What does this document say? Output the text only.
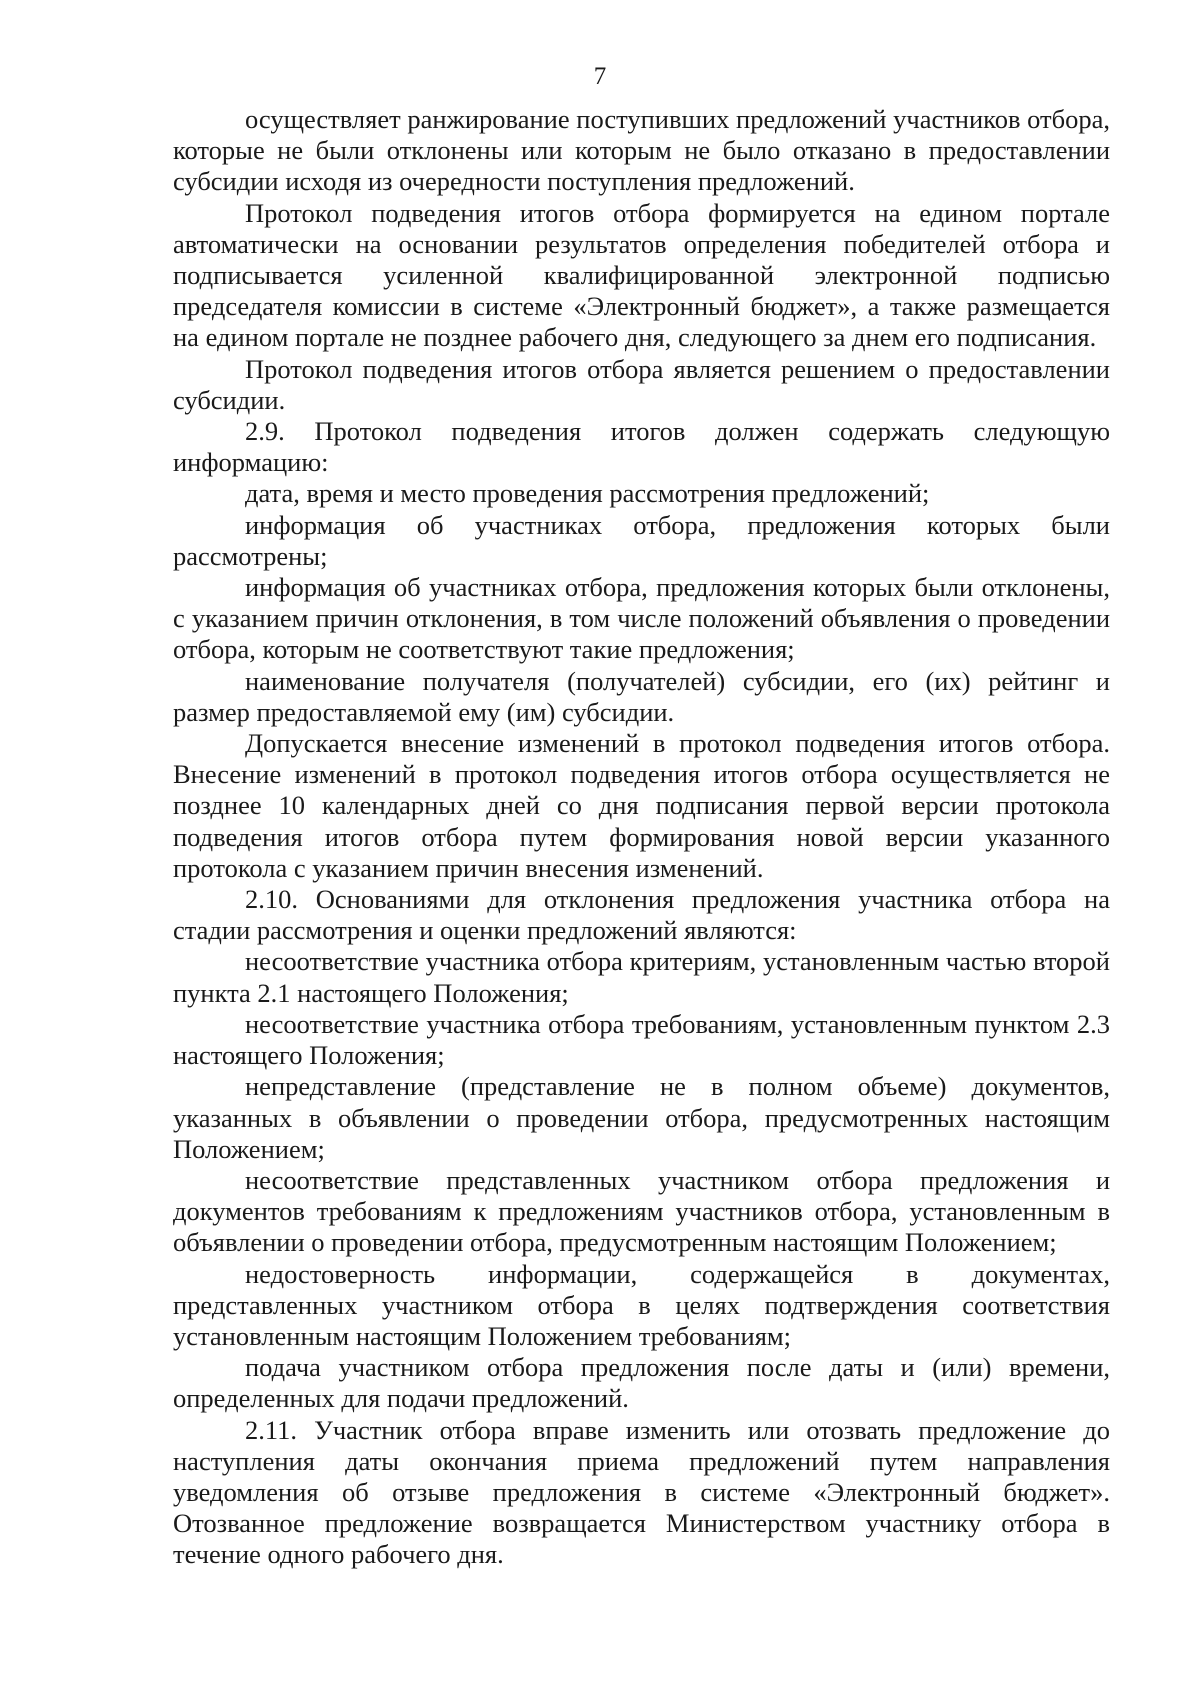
7

осуществляет ранжирование поступивших предложений участников отбора, которые не были отклонены или которым не было отказано в предоставлении субсидии исходя из очередности поступления предложений.

Протокол подведения итогов отбора формируется на едином портале автоматически на основании результатов определения победителей отбора и подписывается усиленной квалифицированной электронной подписью председателя комиссии в системе «Электронный бюджет», а также размещается на едином портале не позднее рабочего дня, следующего за днем его подписания.

Протокол подведения итогов отбора является решением о предоставлении субсидии.

2.9. Протокол подведения итогов должен содержать следующую информацию:

дата, время и место проведения рассмотрения предложений;

информация об участниках отбора, предложения которых были рассмотрены;

информация об участниках отбора, предложения которых были отклонены, с указанием причин отклонения, в том числе положений объявления о проведении отбора, которым не соответствуют такие предложения;

наименование получателя (получателей) субсидии, его (их) рейтинг и размер предоставляемой ему (им) субсидии.

Допускается внесение изменений в протокол подведения итогов отбора. Внесение изменений в протокол подведения итогов отбора осуществляется не позднее 10 календарных дней со дня подписания первой версии протокола подведения итогов отбора путем формирования новой версии указанного протокола с указанием причин внесения изменений.

2.10. Основаниями для отклонения предложения участника отбора на стадии рассмотрения и оценки предложений являются:

несоответствие участника отбора критериям, установленным частью второй пункта 2.1 настоящего Положения;

несоответствие участника отбора требованиям, установленным пунктом 2.3 настоящего Положения;

непредставление (представление не в полном объеме) документов, указанных в объявлении о проведении отбора, предусмотренных настоящим Положением;

несоответствие представленных участником отбора предложения и документов требованиям к предложениям участников отбора, установленным в объявлении о проведении отбора, предусмотренным настоящим Положением;

недостоверность информации, содержащейся в документах, представленных участником отбора в целях подтверждения соответствия установленным настоящим Положением требованиям;

подача участником отбора предложения после даты и (или) времени, определенных для подачи предложений.

2.11. Участник отбора вправе изменить или отозвать предложение до наступления даты окончания приема предложений путем направления уведомления об отзыве предложения в системе «Электронный бюджет». Отозванное предложение возвращается Министерством участнику отбора в течение одного рабочего дня.
